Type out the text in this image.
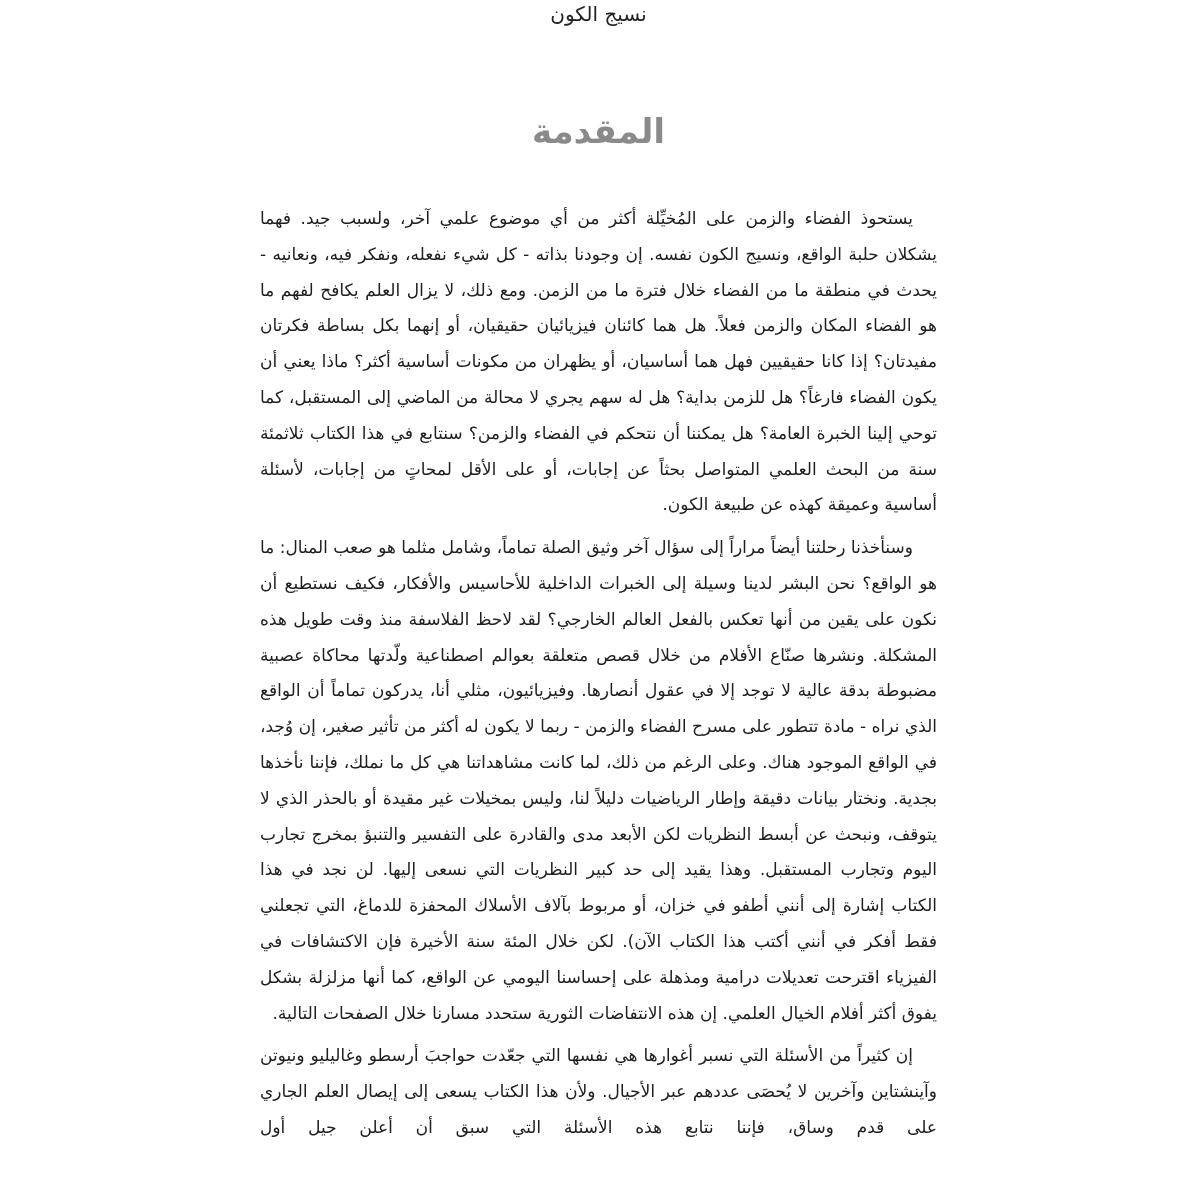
نسيج الكون
المقدمة

يستحوذ الفضاء والزمن على المُخيِّلة أكثر من أي موضوع علمي آخر، ولسبب جيد. فهما يشكلان حلبة الواقع، ونسيج الكون نفسه. إن وجودنا بذاته - كل شيء نفعله، ونفكر فيه، ونعانيه - يحدث في منطقة ما من الفضاء خلال فترة ما من الزمن. ومع ذلك، لا يزال العلم يكافح لفهم ما هو الفضاء المكان والزمن فعلاً. هل هما كائنان فيزيائيان حقيقيان، أو إنهما بكل بساطة فكرتان مفيدتان؟ إذا كانا حقيقيين فهل هما أساسيان، أو يظهران من مكونات أساسية أكثر؟ ماذا يعني أن يكون الفضاء فارغاً؟ هل للزمن بداية؟ هل له سهم يجري لا محالة من الماضي إلى المستقبل، كما توحي إلينا الخبرة العامة؟ هل يمكننا أن نتحكم في الفضاء والزمن؟ سنتابع في هذا الكتاب ثلاثمئة سنة من البحث العلمي المتواصل بحثاً عن إجابات، أو على الأقل لمحاتٍ من إجابات، لأسئلة أساسية وعميقة كهذه عن طبيعة الكون.

وسنأخذنا رحلتنا أيضاً مراراً إلى سؤال آخر وثيق الصلة تماماً، وشامل مثلما هو صعب المنال: ما هو الواقع؟ نحن البشر لدينا وسيلة إلى الخبرات الداخلية للأحاسيس والأفكار، فكيف نستطيع أن نكون على يقين من أنها تعكس بالفعل العالم الخارجي؟ لقد لاحظ الفلاسفة منذ وقت طويل هذه المشكلة. ونشرها صنّاع الأفلام من خلال قصص متعلقة بعوالم اصطناعية ولّدتها محاكاة عصبية مضبوطة بدقة عالية لا توجد إلا في عقول أنصارها. وفيزيائيون، مثلي أنا، يدركون تماماً أن الواقع الذي نراه - مادة تتطور على مسرح الفضاء والزمن - ربما لا يكون له أكثر من تأثير صغير، إن وُجد، في الواقع الموجود هناك. وعلى الرغم من ذلك، لما كانت مشاهداتنا هي كل ما نملك، فإننا نأخذها بجدية. ونختار بيانات دقيقة وإطار الرياضيات دليلاً لنا، وليس بمخيلات غير مقيدة أو بالحذر الذي لا يتوقف، ونبحث عن أبسط النظريات لكن الأبعد مدى والقادرة على التفسير والتنبؤ بمخرج تجارب اليوم وتجارب المستقبل. وهذا يقيد إلى حد كبير النظريات التي نسعى إليها. لن نجد في هذا الكتاب إشارة إلى أنني أطفو في خزان، أو مربوط بآلاف الأسلاك المحفزة للدماغ، التي تجعلني فقط أفكر في أنني أكتب هذا الكتاب الآن). لكن خلال المئة سنة الأخيرة فإن الاكتشافات في الفيزياء اقترحت تعديلات درامية ومذهلة على إحساسنا اليومي عن الواقع، كما أنها مزلزلة بشكل يفوق أكثر أفلام الخيال العلمي. إن هذه الانتفاضات الثورية ستحدد مسارنا خلال الصفحات التالية.

إن كثيراً من الأسئلة التي نسبر أغوارها هي نفسها التي جعّدت حواجبَ أرسطو وغاليليو ونيوتن وآينشتاين وآخرين لا يُحصَى عددهم عبر الأجيال. ولأن هذا الكتاب يسعى إلى إيصال العلم الجاري على قدم وساق، فإننا نتابع هذه الأسئلة التي سبق أن أعلن جيل أول
